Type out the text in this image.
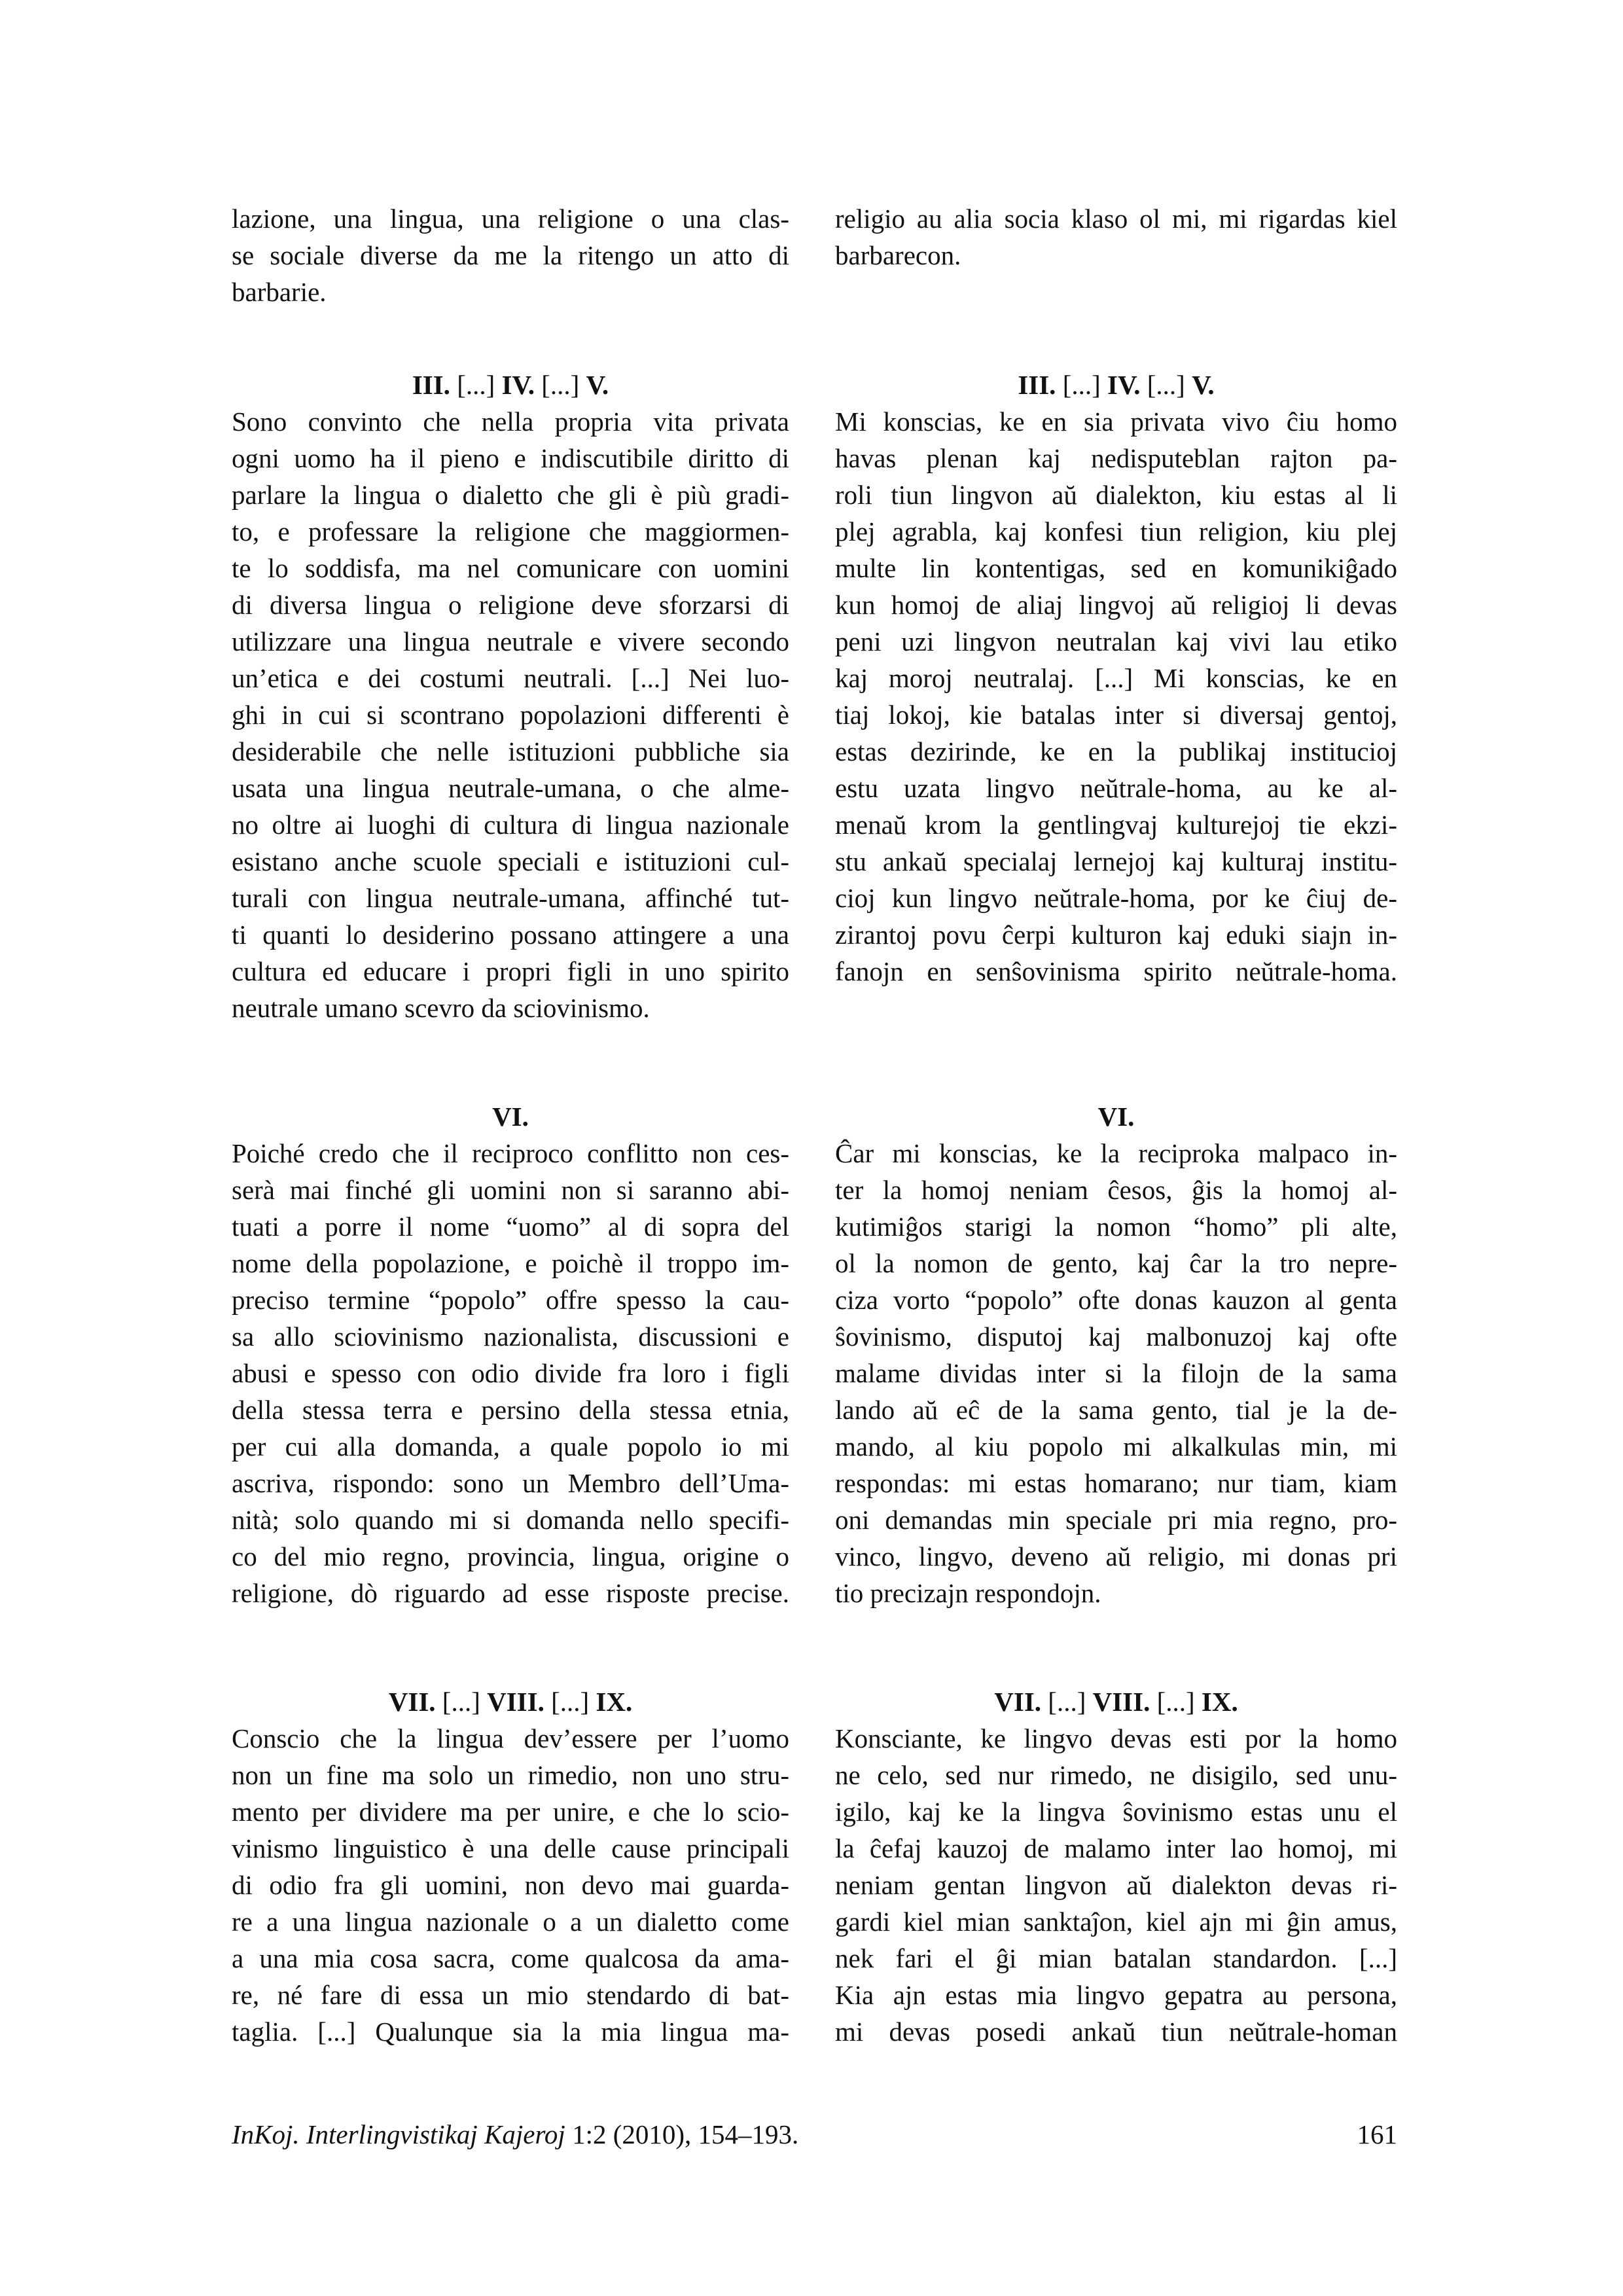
lazione, una lingua, una religione o una clas-
se sociale diverse da me la ritengo un atto di
barbarie.
III. [...] IV. [...] V.
Sono convinto che nella propria vita privata
ogni uomo ha il pieno e indiscutibile diritto di
parlare la lingua o dialetto che gli è più gradi-
to, e professare la religione che maggiormen-
te lo soddisfa, ma nel comunicare con uomini
di diversa lingua o religione deve sforzarsi di
utilizzare una lingua neutrale e vivere secondo
un’etica e dei costumi neutrali. [...] Nei luo-
ghi in cui si scontrano popolazioni differenti è
desiderabile che nelle istituzioni pubbliche sia
usata una lingua neutrale-umana, o che alme-
no oltre ai luoghi di cultura di lingua nazionale
esistano anche scuole speciali e istituzioni cul-
turali con lingua neutrale-umana, affinché tut-
ti quanti lo desiderino possano attingere a una
cultura ed educare i propri figli in uno spirito
neutrale umano scevro da sciovinismo.
VI.
Poiché credo che il reciproco conflitto non ces-
serà mai finché gli uomini non si saranno abi-
tuati a porre il nome “uomo” al di sopra del
nome della popolazione, e poichè il troppo im-
preciso termine “popolo” offre spesso la cau-
sa allo sciovinismo nazionalista, discussioni e
abusi e spesso con odio divide fra loro i figli
della stessa terra e persino della stessa etnia,
per cui alla domanda, a quale popolo io mi
ascriva, rispondo: sono un Membro dell’Uma-
nità; solo quando mi si domanda nello specifi-
co del mio regno, provincia, lingua, origine o
religione, dò riguardo ad esse risposte precise.
VII. [...] VIII. [...] IX.
Conscio che la lingua dev’essere per l’uomo
non un fine ma solo un rimedio, non uno stru-
mento per dividere ma per unire, e che lo scio-
vinismo linguistico è una delle cause principali
di odio fra gli uomini, non devo mai guarda-
re a una lingua nazionale o a un dialetto come
a una mia cosa sacra, come qualcosa da ama-
re, né fare di essa un mio stendardo di bat-
taglia. [...] Qualunque sia la mia lingua ma-
religio au alia socia klaso ol mi, mi rigardas kiel
barbarecon.
III. [...] IV. [...] V.
Mi konscias, ke en sia privata vivo ĉiu homo
havas plenan kaj nedisputeblan rajton pa-
roli tiun lingvon aŭ dialekton, kiu estas al li
plej agrabla, kaj konfesi tiun religion, kiu plej
multe lin kontentigas, sed en komunikiĝado
kun homoj de aliaj lingvoj aŭ religioj li devas
peni uzi lingvon neutralan kaj vivi lau etiko
kaj moroj neutralaj. [...] Mi konscias, ke en
tiaj lokoj, kie batalas inter si diversaj gentoj,
estas dezirinde, ke en la publikaj institucioj
estu uzata lingvo neŭtrale-homa, au ke al-
menaŭ krom la gentlingvaj kulturejoj tie ekzi-
stu ankaŭ specialaj lernejoj kaj kulturaj institu-
cioj kun lingvo neŭtrale-homa, por ke ĉiuj de-
zirantoj povu ĉerpi kulturon kaj eduki siajn in-
fanojn en senŝovinisma spirito neŭtrale-homa.
VI.
Ĉar mi konscias, ke la reciproka malpaco in-
ter la homoj neniam ĉesos, ĝis la homoj al-
kutimiĝos starigi la nomon “homo” pli alte,
ol la nomon de gento, kaj ĉar la tro nepre-
ciza vorto “popolo” ofte donas kauzon al genta
ŝovinismo, disputoj kaj malbonuzoj kaj ofte
malame dividas inter si la filojn de la sama
lando aŭ eĉ de la sama gento, tial je la de-
mando, al kiu popolo mi alkalkulas min, mi
respondas: mi estas homarano; nur tiam, kiam
oni demandas min speciale pri mia regno, pro-
vinco, lingvo, deveno aŭ religio, mi donas pri
tio precizajn respondojn.
VII. [...] VIII. [...] IX.
Konsciante, ke lingvo devas esti por la homo
ne celo, sed nur rimedo, ne disigilo, sed unu-
igilo, kaj ke la lingva ŝovinismo estas unu el
la ĉefaj kauzoj de malamo inter lao homoj, mi
neniam gentan lingvon aŭ dialekton devas ri-
gardi kiel mian sanktaĵon, kiel ajn mi ĝin amus,
nek fari el ĝi mian batalan standardon. [...]
Kia ajn estas mia lingvo gepatra au persona,
mi devas posedi ankaŭ tiun neŭtrale-homan
InKoj. Interlingvistikaj Kajeroj 1:2 (2010), 154–193.	161
